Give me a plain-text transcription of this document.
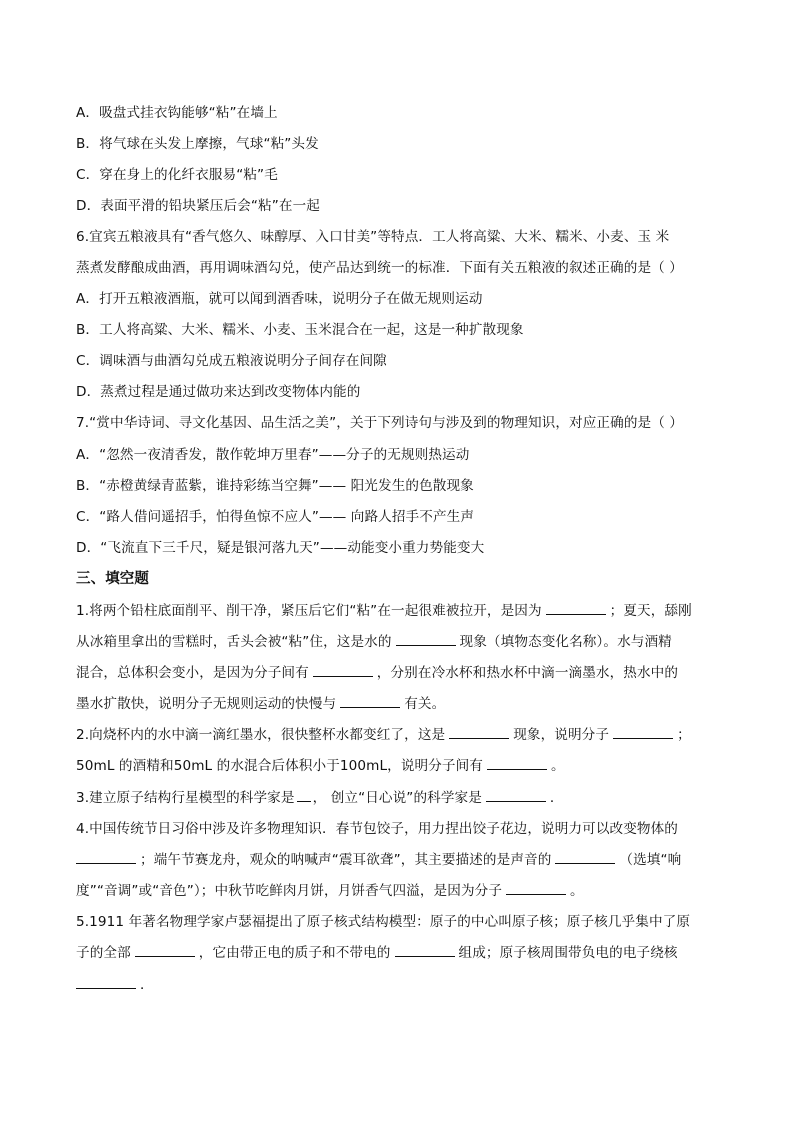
A．吸盘式挂衣钩能够“粘”在墙上
B．将气球在头发上摩擦，气球“粘”头发
C．穿在身上的化纤衣服易“粘”毛
D．表面平滑的铅块紧压后会“粘”在一起
6.宜宾五粮液具有“香气悠久、味醇厚、入口甘美”等特点．工人将高粱、大米、糯米、小麦、玉 米
蒸煮发酵酿成曲酒，再用调味酒勾兑，使产品达到统一的标准．下面有关五粮液的叙述正确的是（ ）
A．打开五粮液酒瓶，就可以闻到酒香味，说明分子在做无规则运动
B．工人将高粱、大米、糯米、小麦、玉米混合在一起，这是一种扩散现象
C．调味酒与曲酒勾兑成五粮液说明分子间存在间隙
D．蒸煮过程是通过做功来达到改变物体内能的
7.“赏中华诗词、寻文化基因、品生活之美”，关于下列诗句与涉及到的物理知识，对应正确的是（ ）
A．“忽然一夜清香发，散作乾坤万里春”——分子的无规则热运动
B．“赤橙黄绿青蓝紫，谁持彩练当空舞”—— 阳光发生的色散现象
C．“路人借问遥招手，怕得鱼惊不应人”—— 向路人招手不产生声
D．“飞流直下三千尺，疑是银河落九天”——动能变小重力势能变大
三、填空题
1.将两个铅柱底面削平、削干净，紧压后它们“粘”在一起很难被拉开，是因为	；夏天，舔刚
从冰箱里拿出的雪糕时，舌头会被“粘”住，这是水的	现象（填物态变化名称）。水与酒精
混合，总体积会变小，是因为分子间有	，分别在冷水杯和热水杯中滴一滴墨水，热水中的
墨水扩散快，说明分子无规则运动的快慢与	有关。
2.向烧杯内的水中滴一滴红墨水，很快整杯水都变红了，这是	现象，说明分子	；
50mL 的酒精和50mL 的水混合后体积小于100mL，说明分子间有	。
3.建立原子结构行星模型的科学家是 ， 创立“日心说”的科学家是	．
4.中国传统节日习俗中涉及许多物理知识．春节包饺子，用力捏出饺子花边，说明力可以改变物体的
；端午节赛龙舟，观众的呐喊声“震耳欲聋”，其主要描述的是声音的	（选填“响
度”“音调”或“音色”）；中秋节吃鲜肉月饼，月饼香气四溢，是因为分子	。
5.1911 年著名物理学家卢瑟福提出了原子核式结构模型：原子的中心叫原子核；原子核几乎集中了原
子的全部	，它由带正电的质子和不带电的	组成；原子核周围带负电的电子绕核
．
